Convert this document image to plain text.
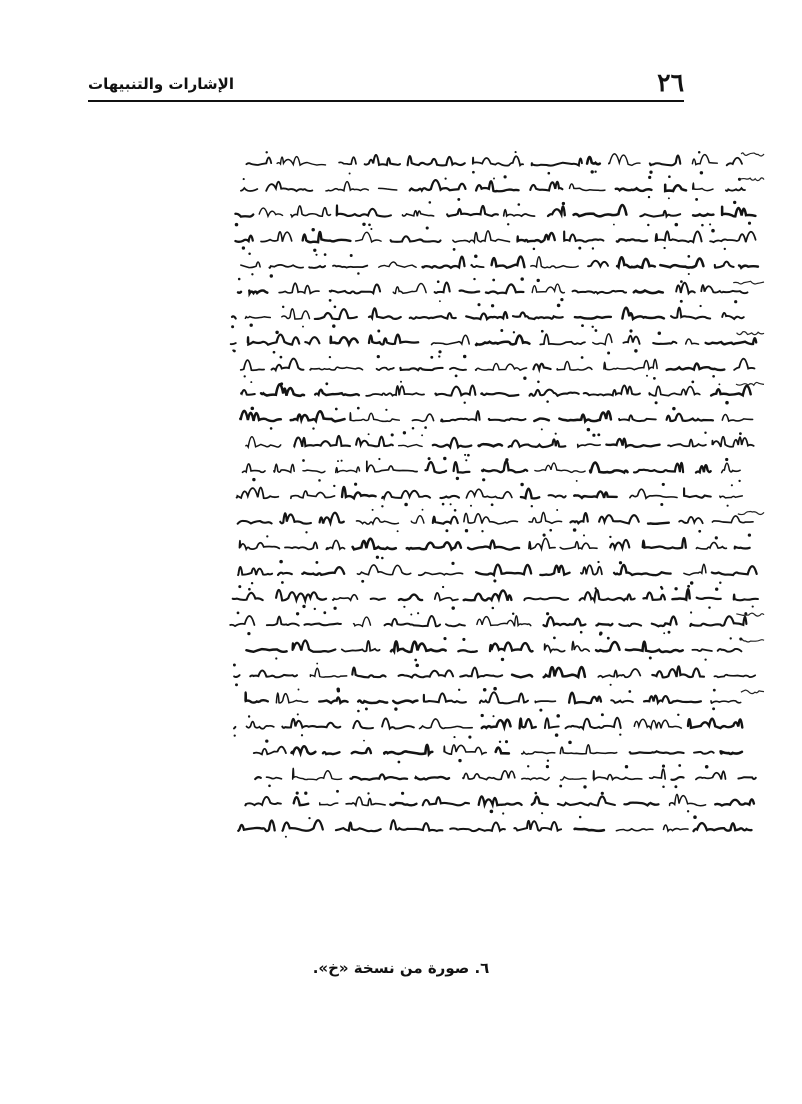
الإشارات والتنبيهات	٢٦
٦. صورة من نسخة «خ».
